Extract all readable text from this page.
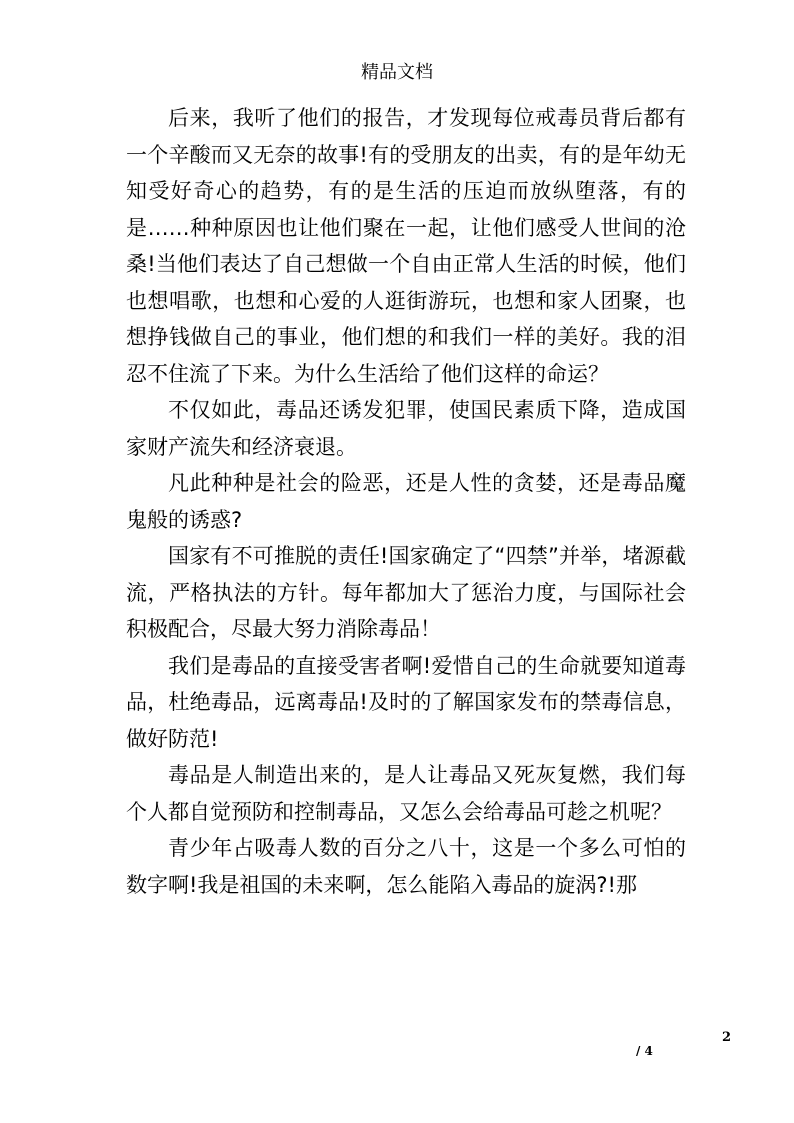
精品文档

后来，我听了他们的报告，才发现每位戒毒员背后都有一个辛酸而又无奈的故事!有的受朋友的出卖，有的是年幼无知受好奇心的趋势，有的是生活的压迫而放纵堕落，有的是……种种原因也让他们聚在一起，让他们感受人世间的沧桑!当他们表达了自己想做一个自由正常人生活的时候，他们也想唱歌，也想和心爱的人逛街游玩，也想和家人团聚，也想挣钱做自己的事业，他们想的和我们一样的美好。我的泪忍不住流了下来。为什么生活给了他们这样的命运？

不仅如此，毒品还诱发犯罪，使国民素质下降，造成国家财产流失和经济衰退。

凡此种种是社会的险恶，还是人性的贪婪，还是毒品魔鬼般的诱惑?

国家有不可推脱的责任!国家确定了“四禁”并举，堵源截流，严格执法的方针。每年都加大了惩治力度，与国际社会积极配合，尽最大努力消除毒品！

我们是毒品的直接受害者啊!爱惜自己的生命就要知道毒品，杜绝毒品，远离毒品!及时的了解国家发布的禁毒信息，做好防范!

毒品是人制造出来的，是人让毒品又死灰复燃，我们每个人都自觉预防和控制毒品，又怎么会给毒品可趁之机呢？

青少年占吸毒人数的百分之八十，这是一个多么可怕的数字啊!我是祖国的未来啊，怎么能陷入毒品的旋涡?!那

2
/ 4
